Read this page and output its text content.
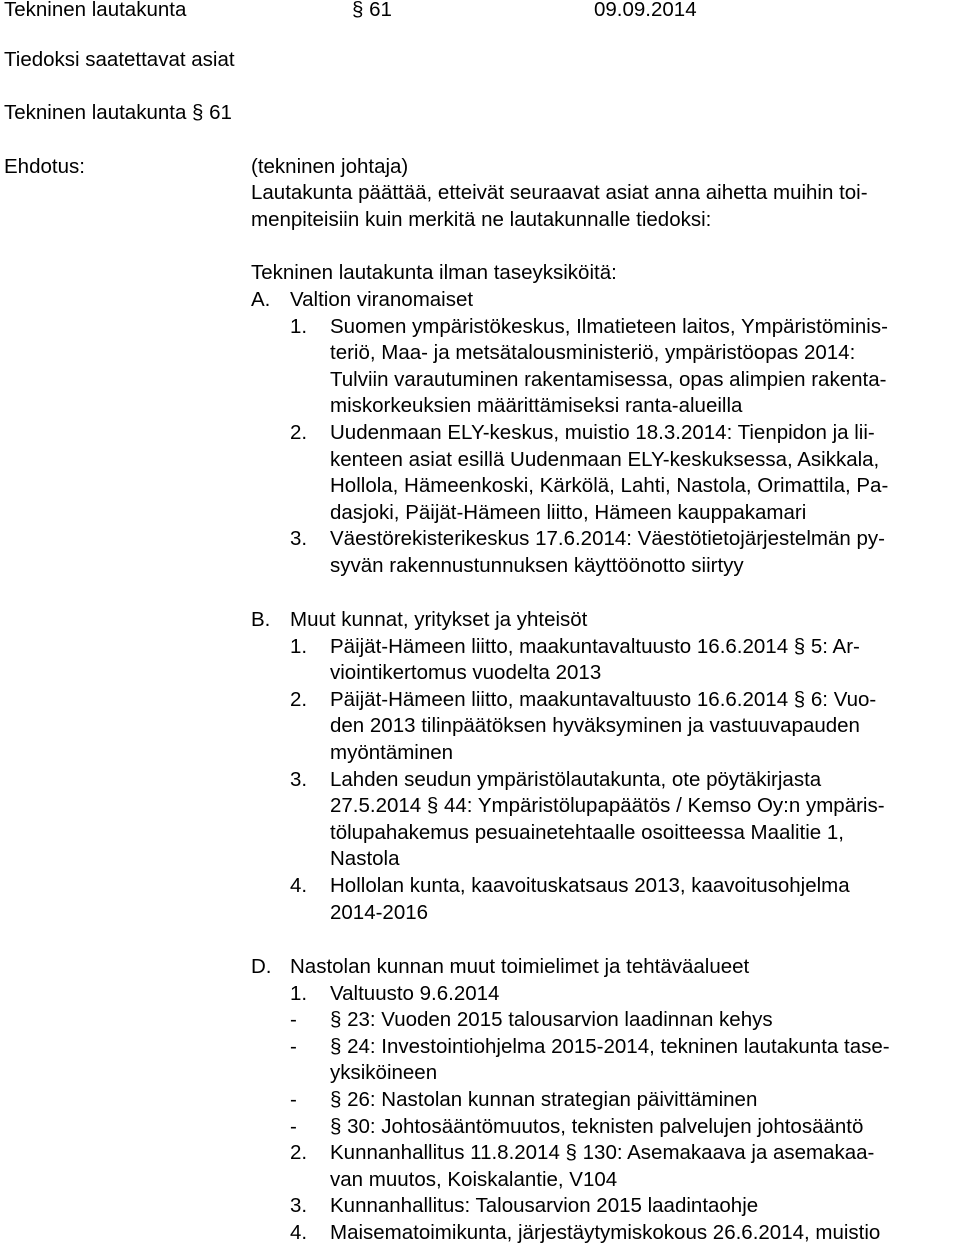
Tekninen lautakunta	§ 61	09.09.2014
Tiedoksi saatettavat asiat
Tekninen lautakunta § 61
Ehdotus:	(tekninen johtaja)
Lautakunta päättää, etteivät seuraavat asiat anna aihetta muihin toi-
menpiteisiin kuin merkitä ne lautakunnalle tiedoksi:
Tekninen lautakunta ilman taseyksiköitä:
A. Valtion viranomaiset
1. Suomen ympäristökeskus, Ilmatieteen laitos, Ympäristöminis-
teriö, Maa- ja metsätalousministeriö, ympäristöopas 2014:
Tulviin varautuminen rakentamisessa, opas alimpien rakenta-
miskorkeuksien määrittämiseksi ranta-alueilla
2. Uudenmaan ELY-keskus, muistio 18.3.2014: Tienpidon ja lii-
kenteen asiat esillä Uudenmaan ELY-keskuksessa, Asikkala,
Hollola, Hämeenkoski, Kärkölä, Lahti, Nastola, Orimattila, Pa-
dasjoki, Päijät-Hämeen liitto, Hämeen kauppakamari
3. Väestörekisterikeskus 17.6.2014: Väestötietojärjestelmän py-
syvän rakennustunnuksen käyttöönotto siirtyy
B. Muut kunnat, yritykset ja yhteisöt
1. Päijät-Hämeen liitto, maakuntavaltuusto 16.6.2014 § 5: Ar-
viointikertomus vuodelta 2013
2. Päijät-Hämeen liitto, maakuntavaltuusto 16.6.2014 § 6: Vuo-
den 2013 tilinpäätöksen hyväksyminen ja vastuuvapauden
myöntäminen
3. Lahden seudun ympäristölautakunta, ote pöytäkirjasta
27.5.2014 § 44: Ympäristölupapäätös / Kemso Oy:n ympäris-
tölupahakemus pesuainetehtaalle osoitteessa Maalitie 1,
Nastola
4. Hollolan kunta, kaavoituskatsaus 2013, kaavoitusohjelma
2014-2016
D. Nastolan kunnan muut toimielimet ja tehtäväalueet
1. Valtuusto 9.6.2014
- § 23: Vuoden 2015 talousarvion laadinnan kehys
- § 24: Investointiohjelma 2015-2014, tekninen lautakunta tase-
yksiköineen
- § 26: Nastolan kunnan strategian päivittäminen
- § 30: Johtosääntömuutos, teknisten palvelujen johtosääntö
2. Kunnanhallitus 11.8.2014 § 130: Asemakaava ja asemakaa-
van muutos, Koiskalantie, V104
3. Kunnanhallitus: Talousarvion 2015 laadintaohje
4. Maisematoimikunta, järjestäytymiskokous 26.6.2014, muistio
